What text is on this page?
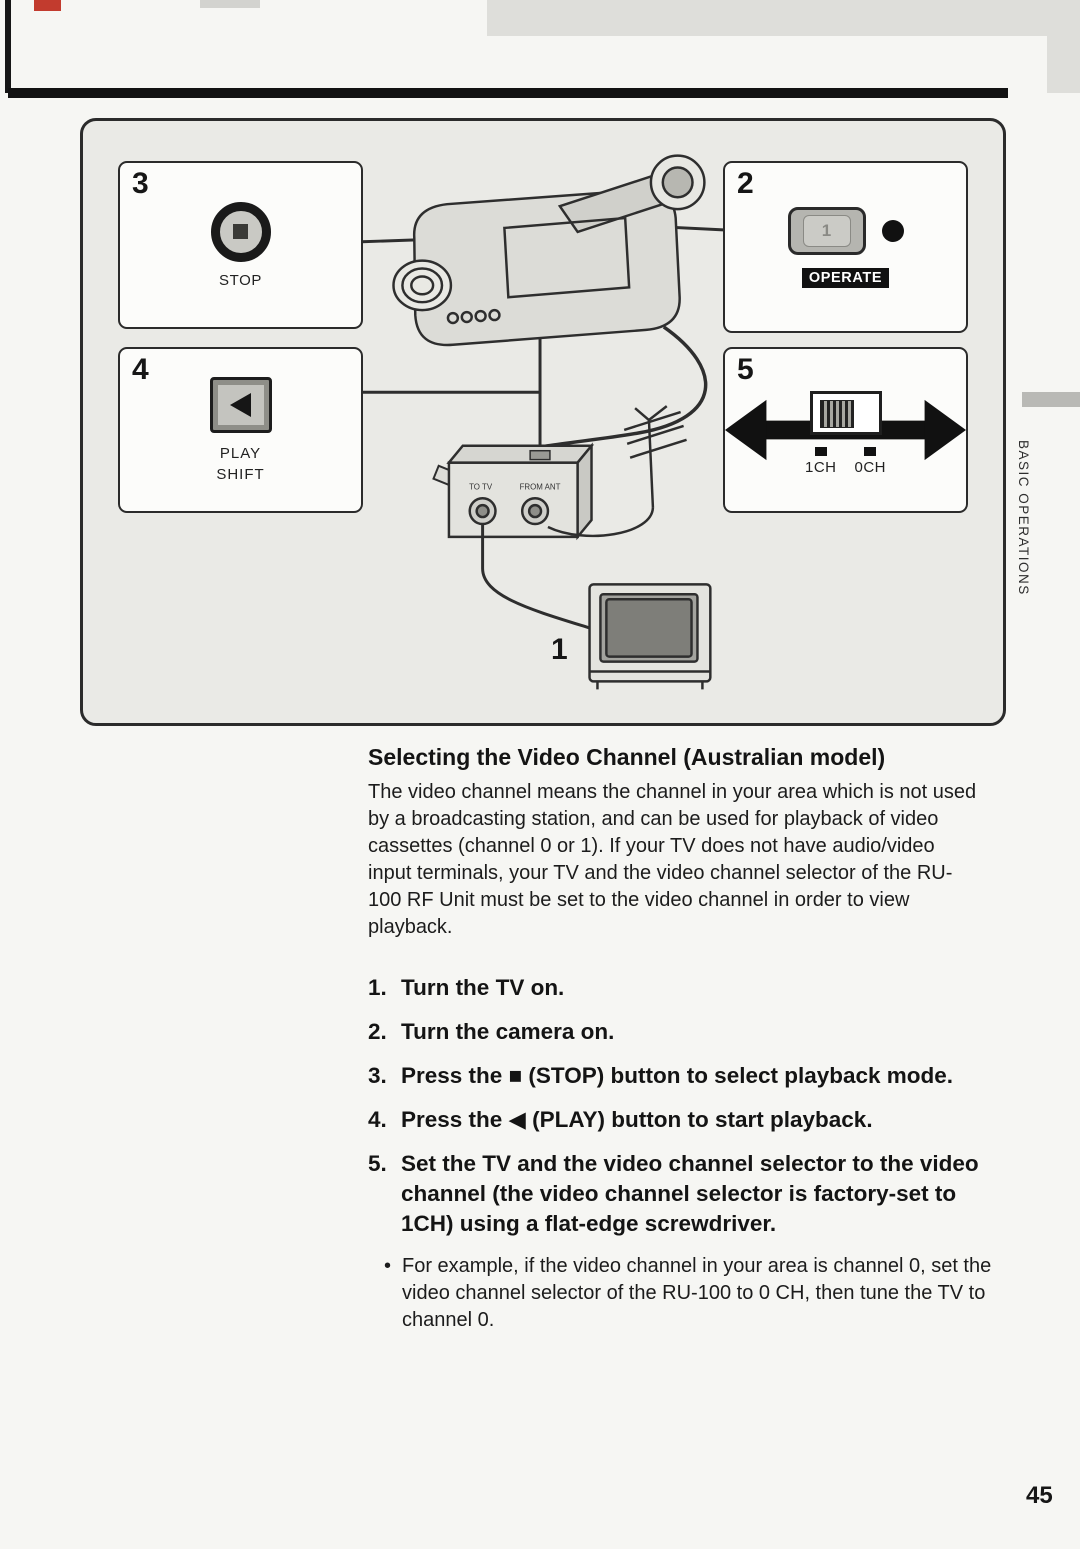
TO TV	FROM ANT
3
STOP
2
1
OPERATE
4
PLAY
SHIFT
5
1CH 0CH
1
BASIC OPERATIONS
Selecting the Video Channel (Australian model)

The video channel means the channel in your area which is not used by a broadcasting station, and can be used for playback of video cassettes (channel 0 or 1). If your TV does not have audio/video input terminals, your TV and the video channel selector of the RU-100 RF Unit must be set to the video channel in order to view playback.

1. Turn the TV on.
2. Turn the camera on.
3. Press the ■ (STOP) button to select playback mode.
4. Press the ◀ (PLAY) button to start playback.
5. Set the TV and the video channel selector to the video channel (the video channel selector is factory-set to 1CH) using a flat-edge screwdriver.
• For example, if the video channel in your area is channel 0, set the video channel selector of the RU-100 to 0 CH, then tune the TV to channel 0.
45
